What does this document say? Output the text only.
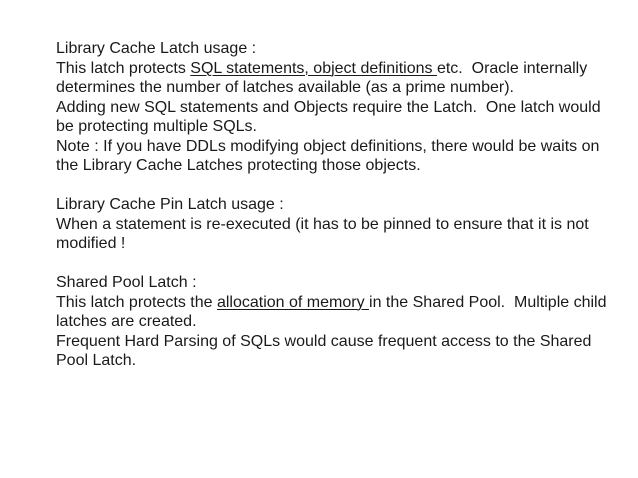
Library Cache Latch usage :
This latch protects SQL statements, object definitions etc.  Oracle internally
determines the number of latches available (as a prime number).
Adding new SQL statements and Objects require the Latch.  One latch would
be protecting multiple SQLs.
Note : If you have DDLs modifying object definitions, there would be waits on
the Library Cache Latches protecting those objects.
Library Cache Pin Latch usage :
When a statement is re-executed (it has to be pinned to ensure that it is not
modified !
Shared Pool Latch :
This latch protects the allocation of memory in the Shared Pool.  Multiple child
latches are created.
Frequent Hard Parsing of SQLs would cause frequent access to the Shared
Pool Latch.
